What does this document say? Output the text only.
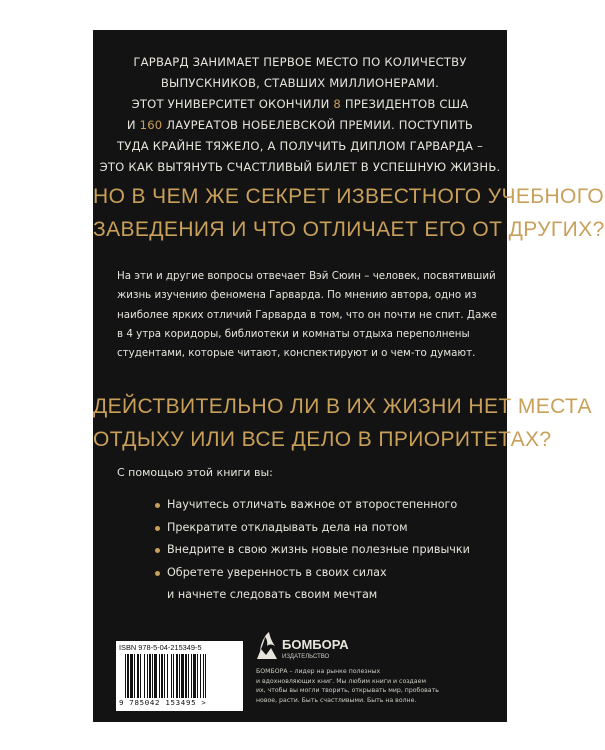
ГАРВАРД ЗАНИМАЕТ ПЕРВОЕ МЕСТО ПО КОЛИЧЕСТВУ
ВЫПУСКНИКОВ, СТАВШИХ МИЛЛИОНЕРАМИ.
ЭТОТ УНИВЕРСИТЕТ ОКОНЧИЛИ 8 ПРЕЗИДЕНТОВ США
И 160 ЛАУРЕАТОВ НОБЕЛЕВСКОЙ ПРЕМИИ. ПОСТУПИТЬ
ТУДА КРАЙНЕ ТЯЖЕЛО, А ПОЛУЧИТЬ ДИПЛОМ ГАРВАРДА –
ЭТО КАК ВЫТЯНУТЬ СЧАСТЛИВЫЙ БИЛЕТ В УСПЕШНУЮ ЖИЗНЬ.
НО В ЧЕМ ЖЕ СЕКРЕТ ИЗВЕСТНОГО УЧЕБНОГО
ЗАВЕДЕНИЯ И ЧТО ОТЛИЧАЕТ ЕГО ОТ ДРУГИХ?
На эти и другие вопросы отвечает Вэй Сюин – человек, посвятивший
жизнь изучению феномена Гарварда. По мнению автора, одно из
наиболее ярких отличий Гарварда в том, что он почти не спит. Даже
в 4 утра коридоры, библиотеки и комнаты отдыха переполнены
студентами, которые читают, конспектируют и о чем-то думают.
ДЕЙСТВИТЕЛЬНО ЛИ В ИХ ЖИЗНИ НЕТ МЕСТА
ОТДЫХУ ИЛИ ВСЕ ДЕЛО В ПРИОРИТЕТАХ?
С помощью этой книги вы:
Научитесь отличать важное от второстепенного
Прекратите откладывать дела на потом
Внедрите в свою жизнь новые полезные привычки
Обретете уверенность в своих силах
и начнете следовать своим мечтам
ISBN 978-5-04-215349-5
9 785042 153495 >
БОМБОРА
ИЗДАТЕЛЬСТВО
БОМБОРА – лидер на рынке полезных
и вдохновляющих книг. Мы любим книги и создаем
их, чтобы вы могли творить, открывать мир, пробовать
новое, расти. Быть счастливыми. Быть на волне.
